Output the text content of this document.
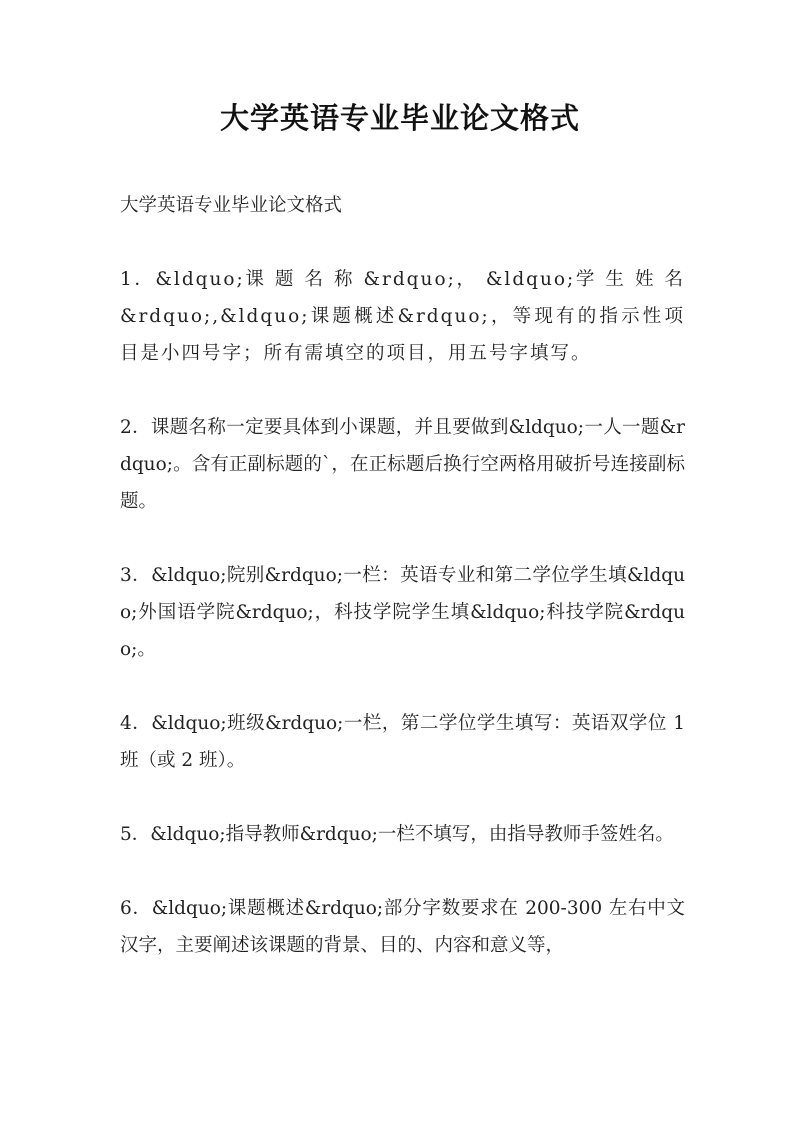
大学英语专业毕业论文格式

大学英语专业毕业论文格式

1．&ldquo;课 题 名 称 &rdquo;， &ldquo;学 生 姓 名 &rdquo;,&ldquo;课题概述&rdquo;，等现有的指示性项目是小四号字；所有需填空的项目，用五号字填写。

2．课题名称一定要具体到小课题，并且要做到&ldquo;一人一题&rdquo;。含有正副标题的`，在正标题后换行空两格用破折号连接副标题。

3．&ldquo;院别&rdquo;一栏：英语专业和第二学位学生填&ldquo;外国语学院&rdquo;，科技学院学生填&ldquo;科技学院&rdquo;。

4．&ldquo;班级&rdquo;一栏，第二学位学生填写：英语双学位 1 班（或 2 班）。

5．&ldquo;指导教师&rdquo;一栏不填写，由指导教师手签姓名。

6．&ldquo;课题概述&rdquo;部分字数要求在 200-300 左右中文汉字，主要阐述该课题的背景、目的、内容和意义等，
